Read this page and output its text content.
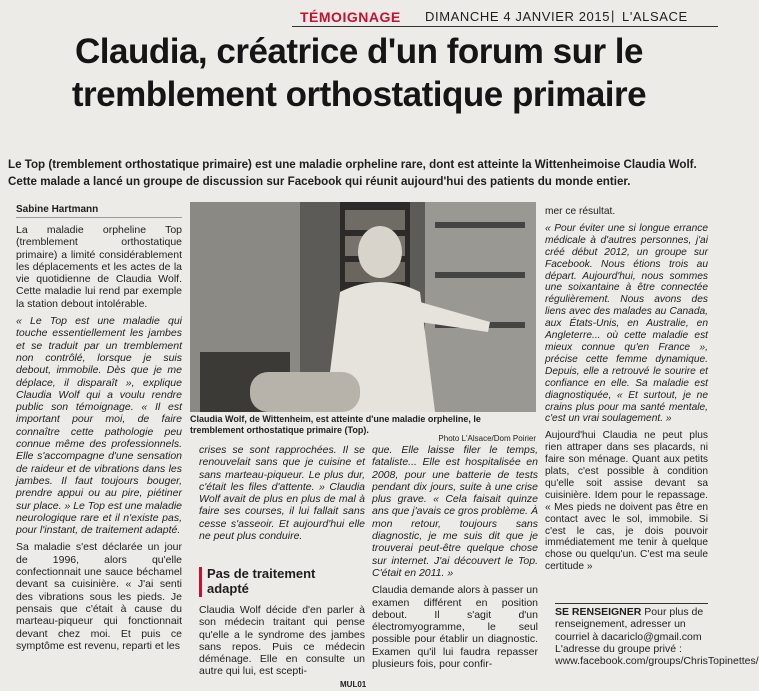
TÉMOIGNAGE DIMANCHE 4 JANVIER 2015 | L'ALSACE
Claudia, créatrice d'un forum sur le
tremblement orthostatique primaire
Le Top (tremblement orthostatique primaire) est une maladie orpheline rare, dont est atteinte la Wittenheimoise Claudia Wolf. Cette malade a lancé un groupe de discussion sur Facebook qui réunit aujourd'hui des patients du monde entier.
Sabine Hartmann

La maladie orpheline Top (tremblement orthostatique primaire) a limité considérablement les déplacements et les actes de la vie quotidienne de Claudia Wolf. Cette maladie lui rend par exemple la station debout intolérable.

« Le Top est une maladie qui touche essentiellement les jambes et se traduit par un tremblement non contrôlé, lorsque je suis debout, immobile. Dès que je me déplace, il disparaît », explique Claudia Wolf qui a voulu rendre public son témoignage. « Il est important pour moi, de faire connaître cette pathologie peu connue même des professionnels. Elle s'accompagne d'une sensation de raideur et de vibrations dans les jambes. Il faut toujours bouger, prendre appui ou au pire, piétiner sur place. » Le Top est une maladie neurologique rare et il n'existe pas, pour l'instant, de traitement adapté.

Sa maladie s'est déclarée un jour de 1996, alors qu'elle confectionnait une sauce béchamel devant sa cuisinière. « J'ai senti des vibrations sous les pieds. Je pensais que c'était à cause du marteau-piqueur qui fonctionnait devant chez moi. Et puis ce symptôme est revenu, reparti et les

Claudia Wolf, de Wittenheim, est atteinte d'une maladie orpheline, le tremblement orthostatique primaire (Top).
Photo L'Alsace/Dom Poirier

crises se sont rapprochées. Il se renouvelait sans que je cuisine et sans marteau-piqueur. Le plus dur, c'était les files d'attente. » Claudia Wolf avait de plus en plus de mal à faire ses courses, il lui fallait sans cesse s'asseoir. Et aujourd'hui elle ne peut plus conduire.

Pas de traitement
adapté

Claudia Wolf décide d'en parler à son médecin traitant qui pense qu'elle a le syndrome des jambes sans repos. Puis ce médecin déménage. Elle en consulte un autre qui lui, est scepti-

que. Elle laisse filer le temps, fataliste... Elle est hospitalisée en 2008, pour une batterie de tests pendant dix jours, suite à une crise plus grave. « Cela faisait quinze ans que j'avais ce gros problème. À mon retour, toujours sans diagnostic, je me suis dit que je trouverai peut-être quelque chose sur internet. J'ai découvert le Top. C'était en 2011. »

Claudia demande alors à passer un examen différent en position debout. Il s'agit d'un électromyogramme, le seul possible pour établir un diagnostic. Examen qu'il lui faudra repasser plusieurs fois, pour confir-

mer ce résultat.

« Pour éviter une si longue errance médicale à d'autres personnes, j'ai créé début 2012, un groupe sur Facebook. Nous étions trois au départ. Aujourd'hui, nous sommes une soixantaine à être connectée régulièrement. Nous avons des liens avec des malades au Canada, aux États-Unis, en Australie, en Angleterre... où cette maladie est mieux connue qu'en France », précise cette femme dynamique. Depuis, elle a retrouvé le sourire et confiance en elle. Sa maladie est diagnostiquée, « Et surtout, je ne crains plus pour ma santé mentale, c'est un vrai soulagement. »

Aujourd'hui Claudia ne peut plus rien attraper dans ses placards, ni faire son ménage. Quant aux petits plats, c'est possible à condition qu'elle soit assise devant sa cuisinière. Idem pour le repassage. « Mes pieds ne doivent pas être en contact avec le sol, immobile. Si c'est le cas, je dois pouvoir immédiatement me tenir à quelque chose ou quelqu'un. C'est ma seule certitude »

SE RENSEIGNER Pour plus de renseignement, adresser un courriel à dacariclo@gmail.com L'adresse du groupe privé : www.facebook.com/groups/ChrisTopinettes/
MUL01
